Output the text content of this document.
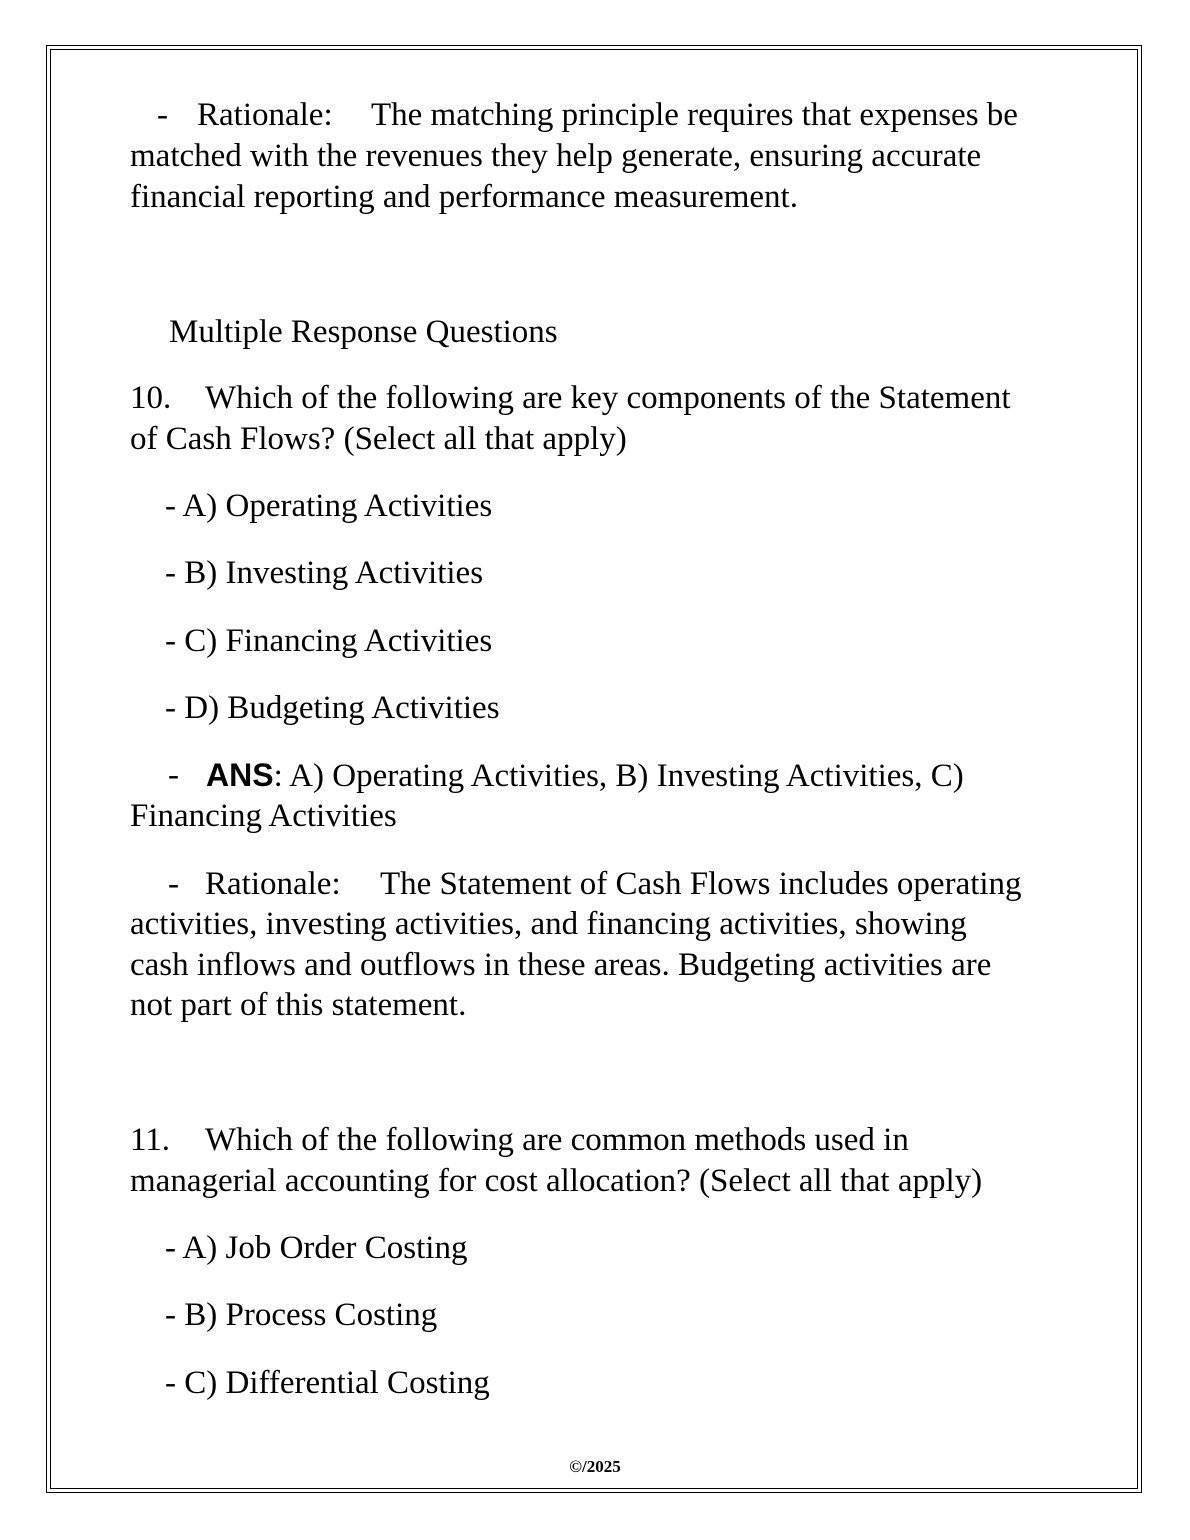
- Rationale: The matching principle requires that expenses be
matched with the revenues they help generate, ensuring accurate
financial reporting and performance measurement.
Multiple Response Questions
10. Which of the following are key components of the Statement
of Cash Flows? (Select all that apply)
- A) Operating Activities
- B) Investing Activities
- C) Financing Activities
- D) Budgeting Activities
- ANS: A) Operating Activities, B) Investing Activities, C)
Financing Activities
- Rationale: The Statement of Cash Flows includes operating
activities, investing activities, and financing activities, showing
cash inflows and outflows in these areas. Budgeting activities are
not part of this statement.
11. Which of the following are common methods used in
managerial accounting for cost allocation? (Select all that apply)
- A) Job Order Costing
- B) Process Costing
- C) Differential Costing
©/2025
